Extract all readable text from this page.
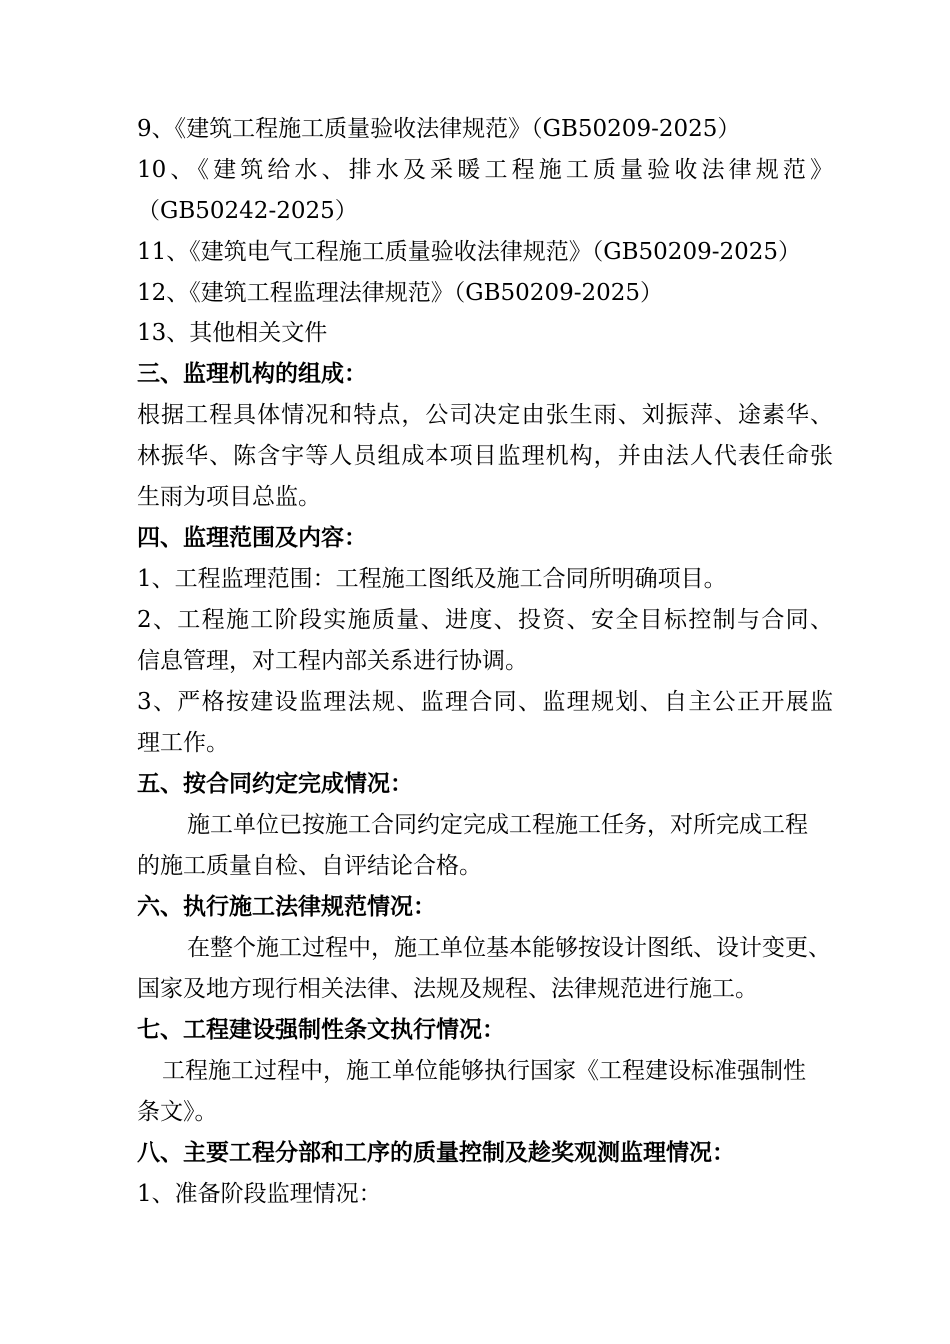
9、《建筑工程施工质量验收法律规范》（GB50209-2025）
10、《建筑给水、排水及采暖工程施工质量验收法律规范》
（GB50242-2025）
11、《建筑电气工程施工质量验收法律规范》（GB50209-2025）
12、《建筑工程监理法律规范》（GB50209-2025）
13、其他相关文件
三、监理机构的组成：
根据工程具体情况和特点，公司决定由张生雨、刘振萍、途素华、
林振华、陈含宇等人员组成本项目监理机构，并由法人代表任命张
生雨为项目总监。
四、监理范围及内容：
1、工程监理范围：工程施工图纸及施工合同所明确项目。
2、工程施工阶段实施质量、进度、投资、安全目标控制与合同、
信息管理，对工程内部关系进行协调。
3、严格按建设监理法规、监理合同、监理规划、自主公正开展监
理工作。
五、按合同约定完成情况：
施工单位已按施工合同约定完成工程施工任务，对所完成工程
的施工质量自检、自评结论合格。
六、执行施工法律规范情况：
在整个施工过程中，施工单位基本能够按设计图纸、设计变更、
国家及地方现行相关法律、法规及规程、法律规范进行施工。
七、工程建设强制性条文执行情况：
工程施工过程中，施工单位能够执行国家《工程建设标准强制性
条文》。
八、主要工程分部和工序的质量控制及趁奖观测监理情况：
1、准备阶段监理情况：
